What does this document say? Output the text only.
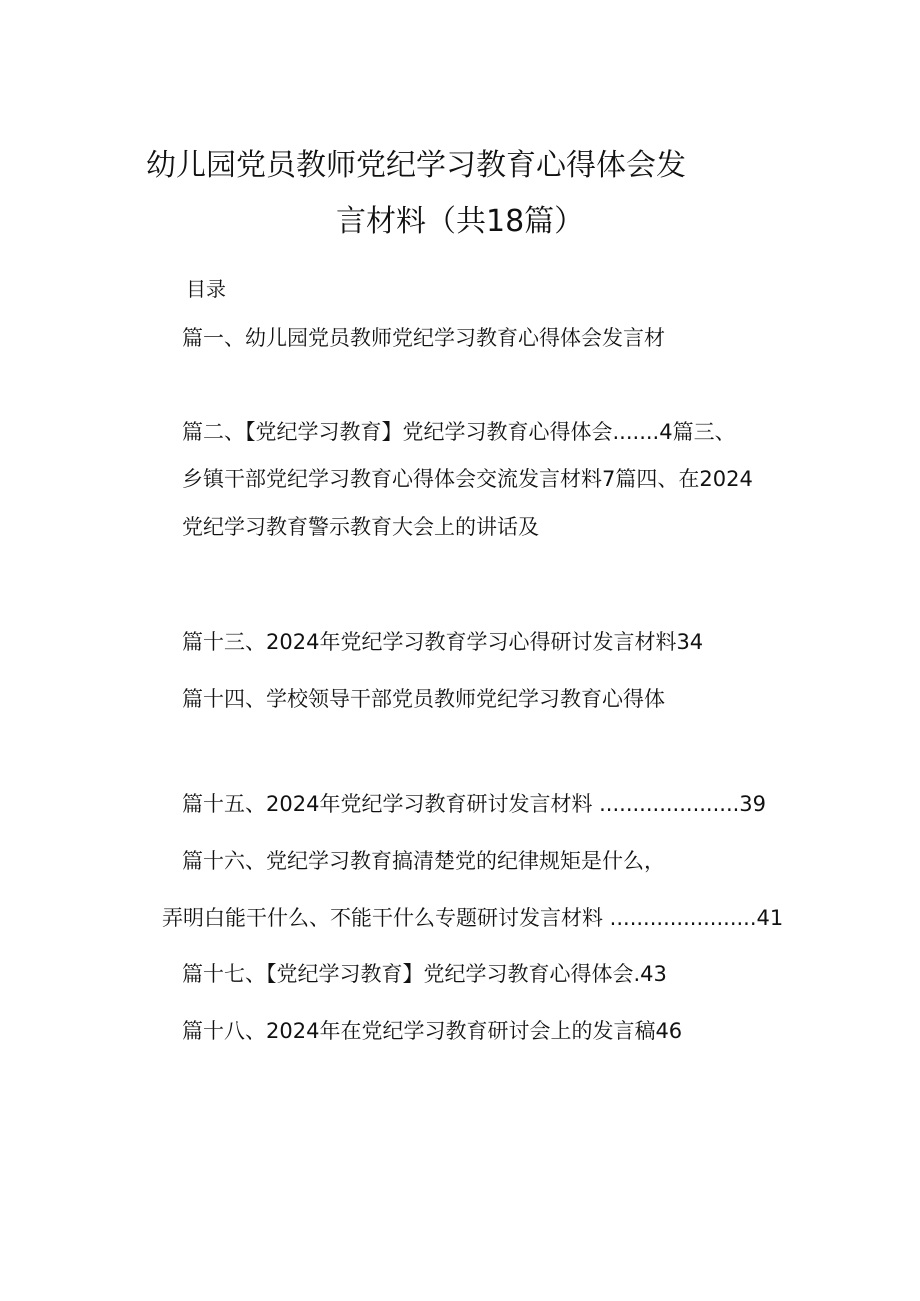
幼儿园党员教师党纪学习教育心得体会发
言材料（共18篇）
目录
篇一、幼儿园党员教师党纪学习教育心得体会发言材
篇二、【党纪学习教育】党纪学习教育心得体会.......4篇三、
乡镇干部党纪学习教育心得体会交流发言材料7篇四、在2024
党纪学习教育警示教育大会上的讲话及
篇十三、2024年党纪学习教育学习心得研讨发言材料34
篇十四、学校领导干部党员教师党纪学习教育心得体
篇十五、2024年党纪学习教育研讨发言材料 .....................39
篇十六、党纪学习教育搞清楚党的纪律规矩是什么，
弄明白能干什么、不能干什么专题研讨发言材料 ......................41
篇十七、【党纪学习教育】党纪学习教育心得体会.43
篇十八、2024年在党纪学习教育研讨会上的发言稿46
